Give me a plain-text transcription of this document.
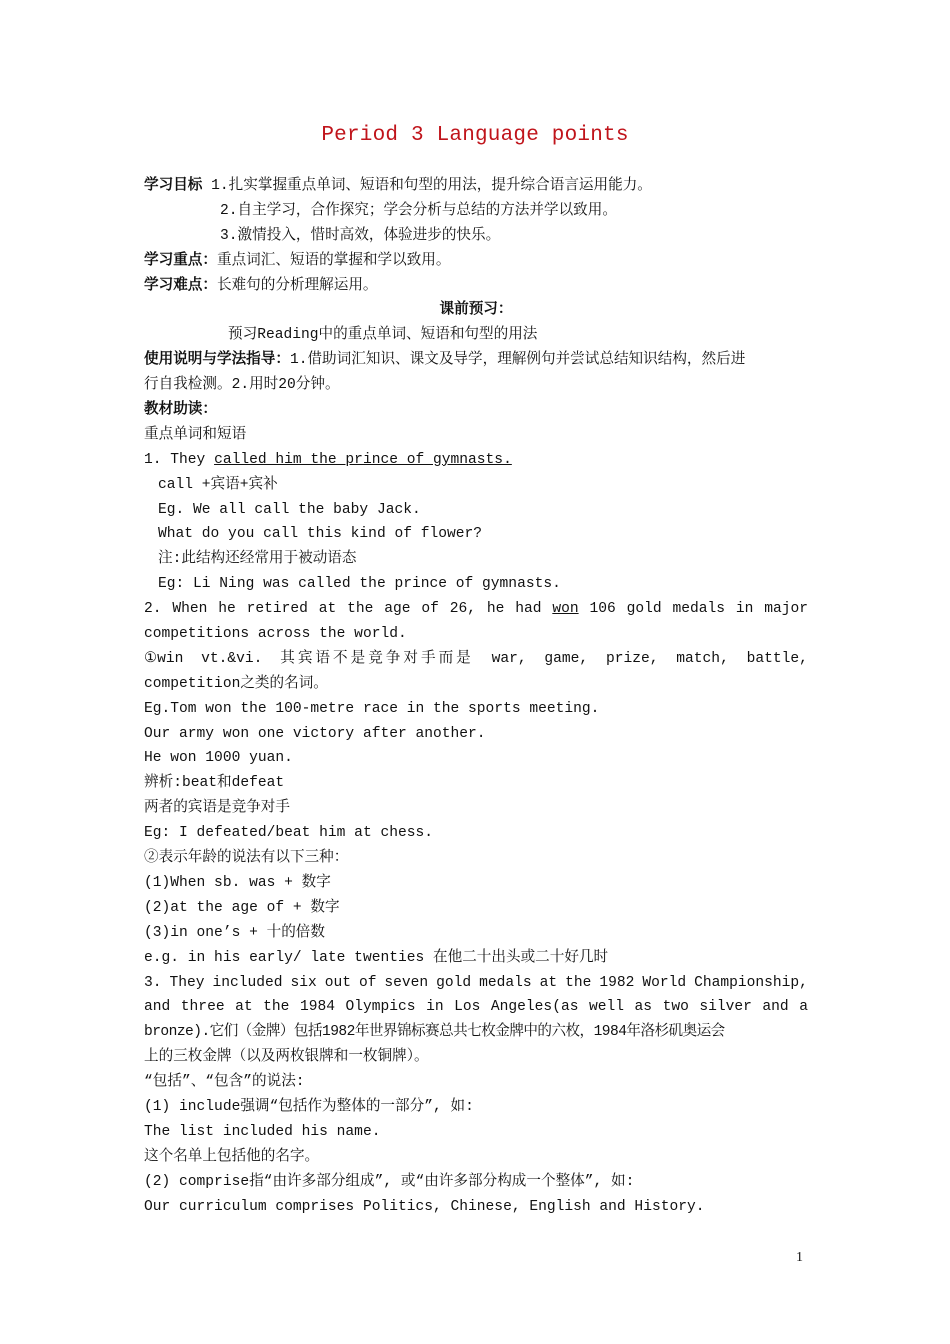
Period 3 Language points
学习目标 1.扎实掌握重点单词、短语和句型的用法，提升综合语言运用能力。
2.自主学习，合作探究；学会分析与总结的方法并学以致用。
3.激情投入，惜时高效，体验进步的快乐。
学习重点：重点词汇、短语的掌握和学以致用。
学习难点：长难句的分析理解运用。
课前预习：
预习Reading中的重点单词、短语和句型的用法
使用说明与学法指导：1.借助词汇知识、课文及导学，理解例句并尝试总结知识结构，然后进
行自我检测。2.用时20分钟。
教材助读：
重点单词和短语
1. They called him the prince of gymnasts.
call +宾语+宾补
Eg. We all call the baby Jack.
What do you call this kind of flower?
注:此结构还经常用于被动语态
Eg: Li Ning was called the prince of gymnasts.
2. When he retired at the age of 26, he had won 106 gold medals in major
competitions across the world.
①win vt.&vi. 其宾语不是竞争对手而是 war, game, prize, match, battle,
competition之类的名词。
Eg.Tom won the 100-metre race in the sports meeting.
Our army won one victory after another.
He won 1000 yuan.
辨析:beat和defeat
两者的宾语是竞争对手
Eg: I defeated/beat him at chess.
②表示年龄的说法有以下三种：
(1)When sb. was + 数字
(2)at the age of + 数字
(3)in one’s + 十的倍数
e.g. in his early/ late twenties 在他二十出头或二十好几时
3. They included six out of seven gold medals at the 1982 World Championship,
and three at the 1984 Olympics in Los Angeles(as well as two silver and a
bronze).它们（金牌）包括1982年世界锦标赛总共七枚金牌中的六枚，1984年洛杉矶奥运会
上的三枚金牌（以及两枚银牌和一枚铜牌）。
“包括”、“包含”的说法:
(1) include强调“包括作为整体的一部分”, 如:
The list included his name.
这个名单上包括他的名字。
(2) comprise指“由许多部分组成”, 或“由许多部分构成一个整体”, 如:
Our curriculum comprises Politics, Chinese, English and History.
1
